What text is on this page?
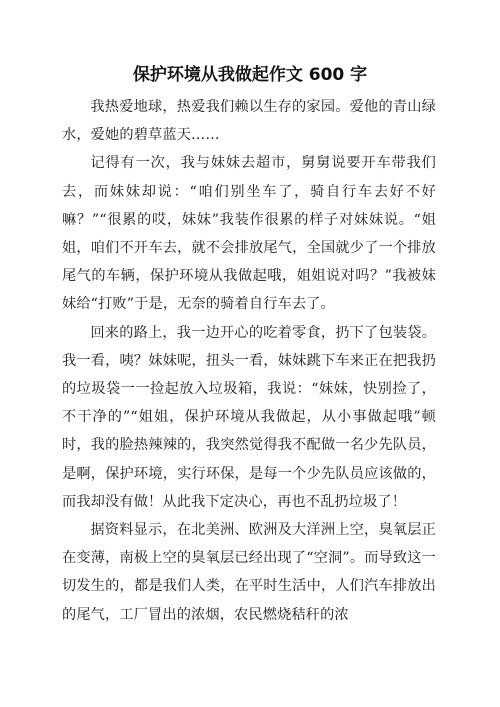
保护环境从我做起作文 600 字

我热爱地球，热爱我们赖以生存的家园。爱他的青山绿水，爱她的碧草蓝天……

记得有一次，我与妹妹去超市，舅舅说要开车带我们去，而妹妹却说：“咱们别坐车了，骑自行车去好不好嘛？”“很累的哎，妹妹”我装作很累的样子对妹妹说。“姐姐，咱们不开车去，就不会排放尾气，全国就少了一个排放尾气的车辆，保护环境从我做起哦，姐姐说对吗？”我被妹妹给“打败”于是，无奈的骑着自行车去了。

回来的路上，我一边开心的吃着零食，扔下了包装袋。我一看，咦？妹妹呢，扭头一看，妹妹跳下车来正在把我扔的垃圾袋一一捡起放入垃圾箱，我说：“妹妹，快别捡了，不干净的”“姐姐，保护环境从我做起，从小事做起哦”顿时，我的脸热辣辣的，我突然觉得我不配做一名少先队员，是啊，保护环境，实行环保，是每一个少先队员应该做的，而我却没有做！从此我下定决心，再也不乱扔垃圾了！

据资料显示，在北美洲、欧洲及大洋洲上空，臭氧层正在变薄，南极上空的臭氧层已经出现了“空洞”。而导致这一切发生的，都是我们人类，在平时生活中，人们汽车排放出的尾气，工厂冒出的浓烟，农民燃烧秸秆的浓
